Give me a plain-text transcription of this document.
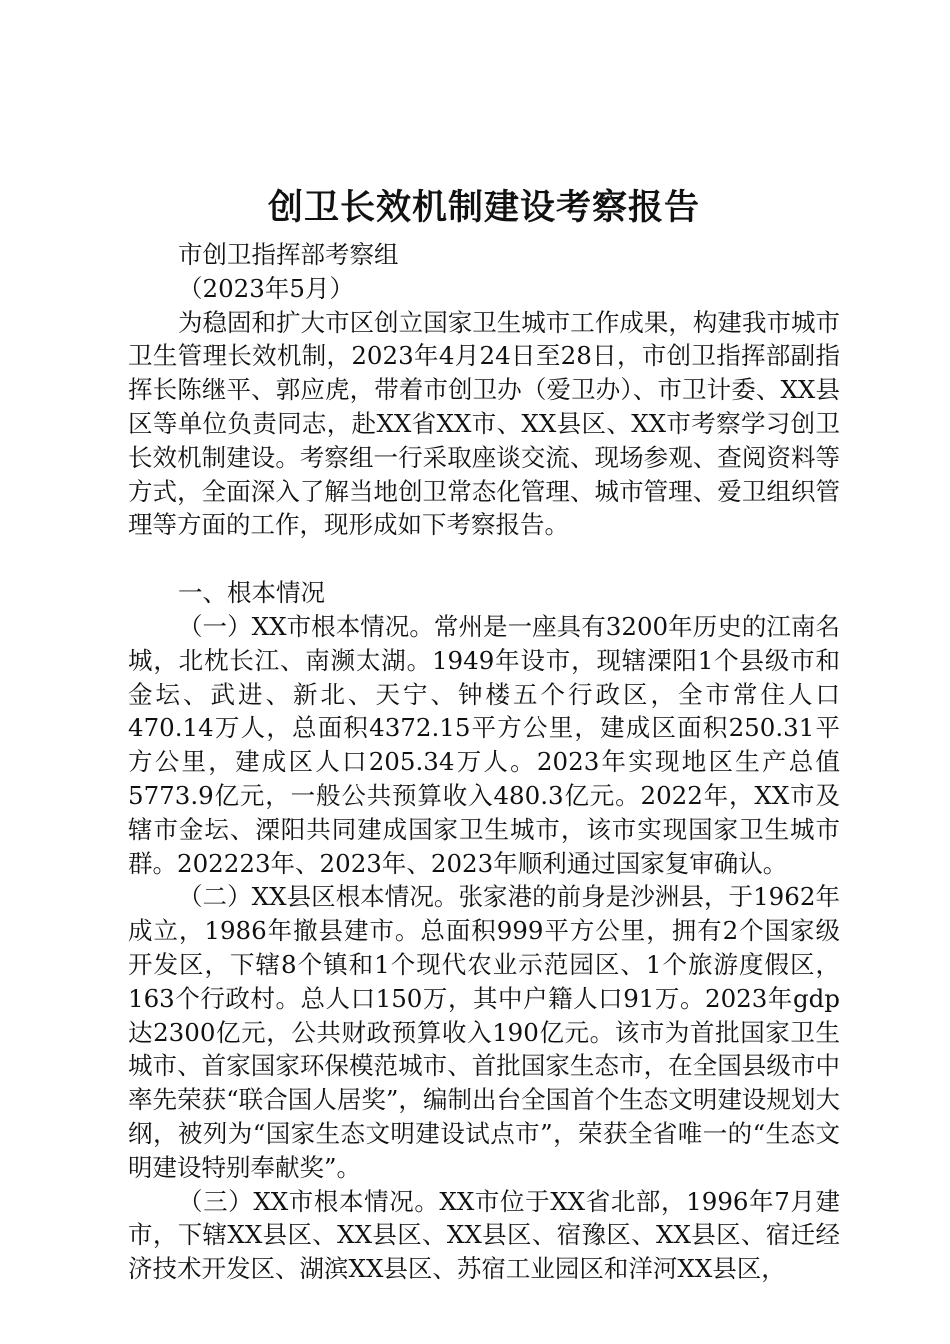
创卫长效机制建设考察报告

市创卫指挥部考察组

（2023年5月）

为稳固和扩大市区创立国家卫生城市工作成果，构建我市城市卫生管理长效机制，2023年4月24日至28日，市创卫指挥部副指挥长陈继平、郭应虎，带着市创卫办（爱卫办）、市卫计委、XX县区等单位负责同志，赴XX省XX市、XX县区、XX市考察学习创卫长效机制建设。考察组一行采取座谈交流、现场参观、查阅资料等方式，全面深入了解当地创卫常态化管理、城市管理、爱卫组织管理等方面的工作，现形成如下考察报告。

一、根本情况

（一）XX市根本情况。常州是一座具有3200年历史的江南名城，北枕长江、南濒太湖。1949年设市，现辖溧阳1个县级市和金坛、武进、新北、天宁、钟楼五个行政区，全市常住人口470.14万人，总面积4372.15平方公里，建成区面积250.31平方公里，建成区人口205.34万人。2023年实现地区生产总值5773.9亿元，一般公共预算收入480.3亿元。2022年，XX市及辖市金坛、溧阳共同建成国家卫生城市，该市实现国家卫生城市群。202223年、2023年、2023年顺利通过国家复审确认。

（二）XX县区根本情况。张家港的前身是沙洲县，于1962年成立，1986年撤县建市。总面积999平方公里，拥有2个国家级开发区，下辖8个镇和1个现代农业示范园区、1个旅游度假区，163个行政村。总人口150万，其中户籍人口91万。2023年gdp达2300亿元，公共财政预算收入190亿元。该市为首批国家卫生城市、首家国家环保模范城市、首批国家生态市，在全国县级市中率先荣获“联合国人居奖”，编制出台全国首个生态文明建设规划大纲，被列为“国家生态文明建设试点市”，荣获全省唯一的“生态文明建设特别奉献奖”。

（三）XX市根本情况。XX市位于XX省北部，1996年7月建市，下辖XX县区、XX县区、XX县区、宿豫区、XX县区、宿迁经济技术开发区、湖滨XX县区、苏宿工业园区和洋河XX县区，
